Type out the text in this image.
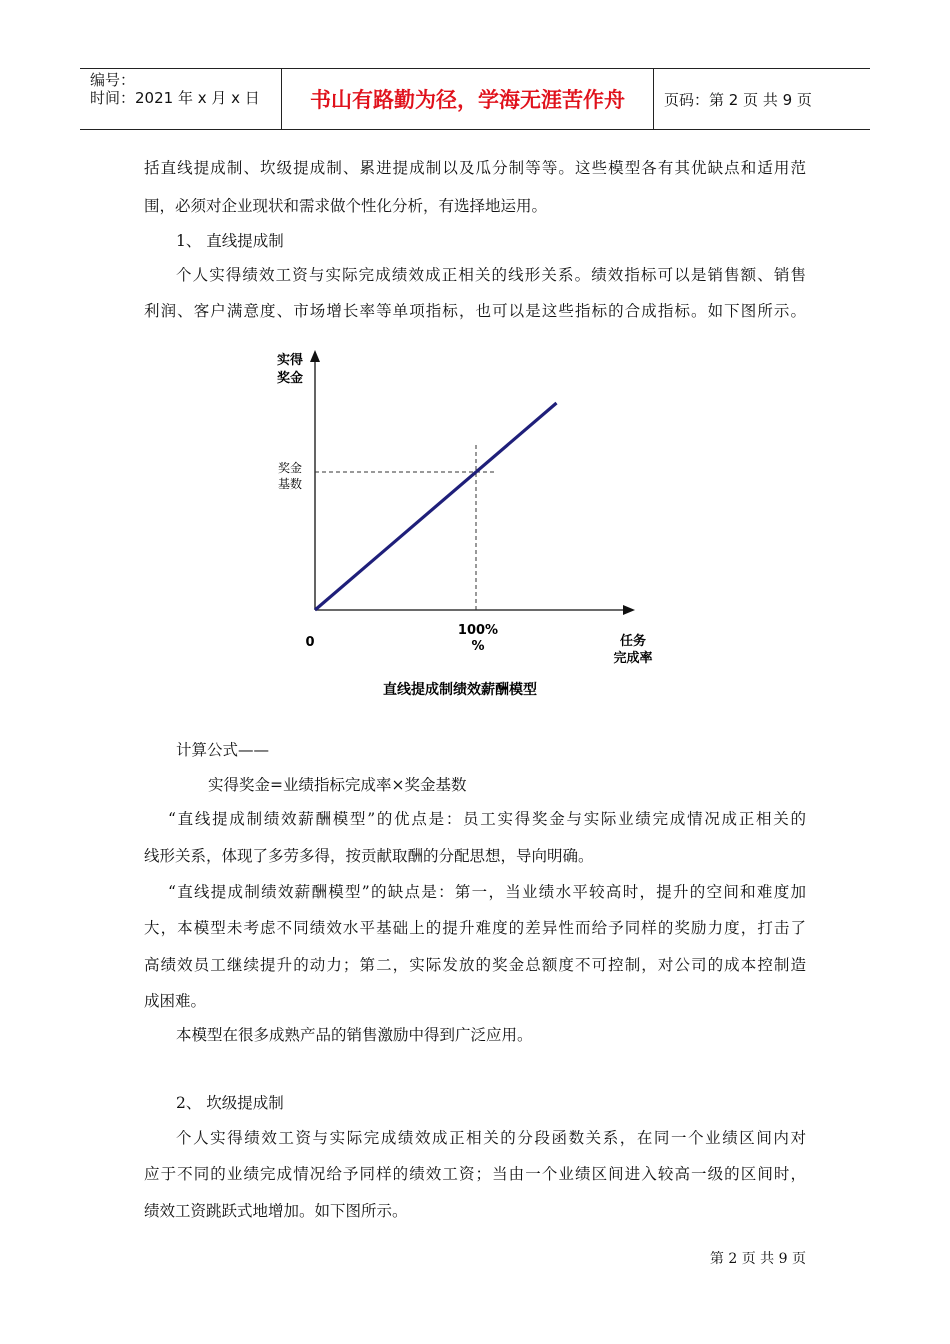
编号：
时间：2021 年 x 月 x 日	书山有路勤为径，学海无涯苦作舟	页码：第 2 页 共 9 页
括直线提成制、坎级提成制、累进提成制以及瓜分制等等。这些模型各有其优缺点和适用范
围，必须对企业现状和需求做个性化分析，有选择地运用。
1、 直线提成制
个人实得绩效工资与实际完成绩效成正相关的线形关系。绩效指标可以是销售额、销售
利润、客户满意度、市场增长率等单项指标，也可以是这些指标的合成指标。如下图所示。
实得
奖金
奖金
基数
0
100%
%	任务
完成率
直线提成制绩效薪酬模型
计算公式——
实得奖金=业绩指标完成率×奖金基数
“直线提成制绩效薪酬模型”的优点是：员工实得奖金与实际业绩完成情况成正相关的
线形关系，体现了多劳多得，按贡献取酬的分配思想，导向明确。
“直线提成制绩效薪酬模型”的缺点是：第一，当业绩水平较高时，提升的空间和难度加
大，本模型未考虑不同绩效水平基础上的提升难度的差异性而给予同样的奖励力度，打击了
高绩效员工继续提升的动力；第二，实际发放的奖金总额度不可控制，对公司的成本控制造
成困难。
本模型在很多成熟产品的销售激励中得到广泛应用。
2、 坎级提成制
个人实得绩效工资与实际完成绩效成正相关的分段函数关系，在同一个业绩区间内对
应于不同的业绩完成情况给予同样的绩效工资；当由一个业绩区间进入较高一级的区间时，
绩效工资跳跃式地增加。如下图所示。
第 2 页 共 9 页
